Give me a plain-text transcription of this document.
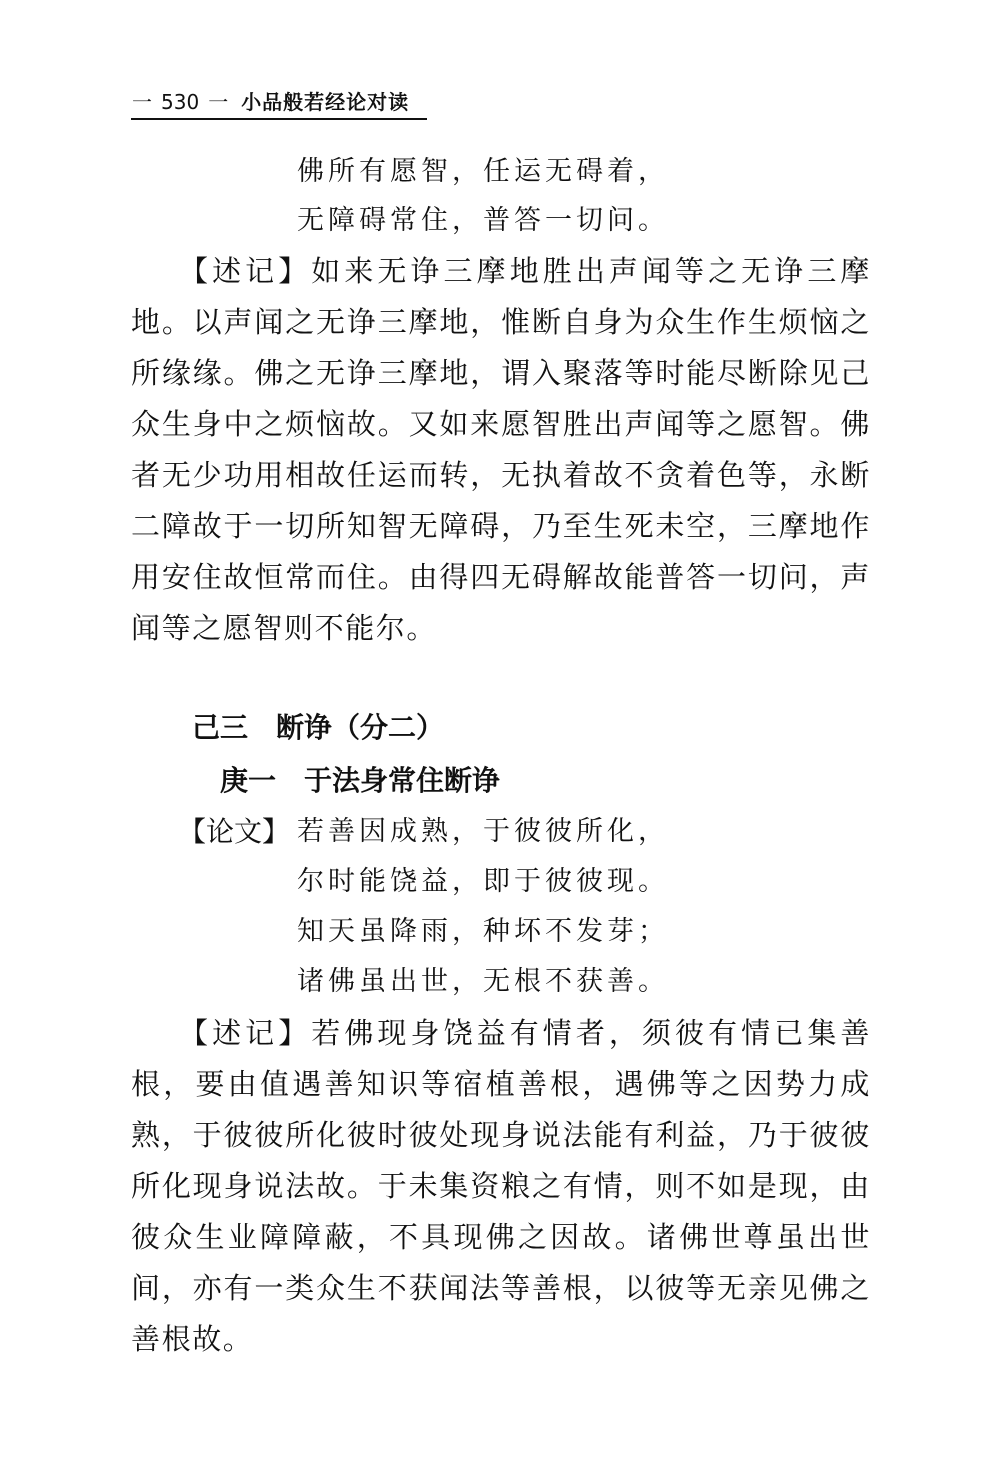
一 530 一 小品般若经论对读
佛所有愿智，任运无碍着，
无障碍常住，普答一切问。
【述记】如来无诤三摩地胜出声闻等之无诤三摩地。以声闻之无诤三摩地，惟断自身为众生作生烦恼之所缘缘。佛之无诤三摩地，谓入聚落等时能尽断除见己众生身中之烦恼故。又如来愿智胜出声闻等之愿智。佛者无少功用相故任运而转，无执着故不贪着色等，永断二障故于一切所知智无障碍，乃至生死未空，三摩地作用安住故恒常而住。由得四无碍解故能普答一切问，声闻等之愿智则不能尔。
己三 断诤（分二）
庚一 于法身常住断诤
【论文】 若善因成熟，于彼彼所化，
尔时能饶益，即于彼彼现。
知天虽降雨，种坏不发芽；
诸佛虽出世，无根不获善。
【述记】若佛现身饶益有情者，须彼有情已集善根，要由值遇善知识等宿植善根，遇佛等之因势力成熟，于彼彼所化彼时彼处现身说法能有利益，乃于彼彼所化现身说法故。于未集资粮之有情，则不如是现，由彼众生业障障蔽，不具现佛之因故。诸佛世尊虽出世间，亦有一类众生不获闻法等善根，以彼等无亲见佛之善根故。
